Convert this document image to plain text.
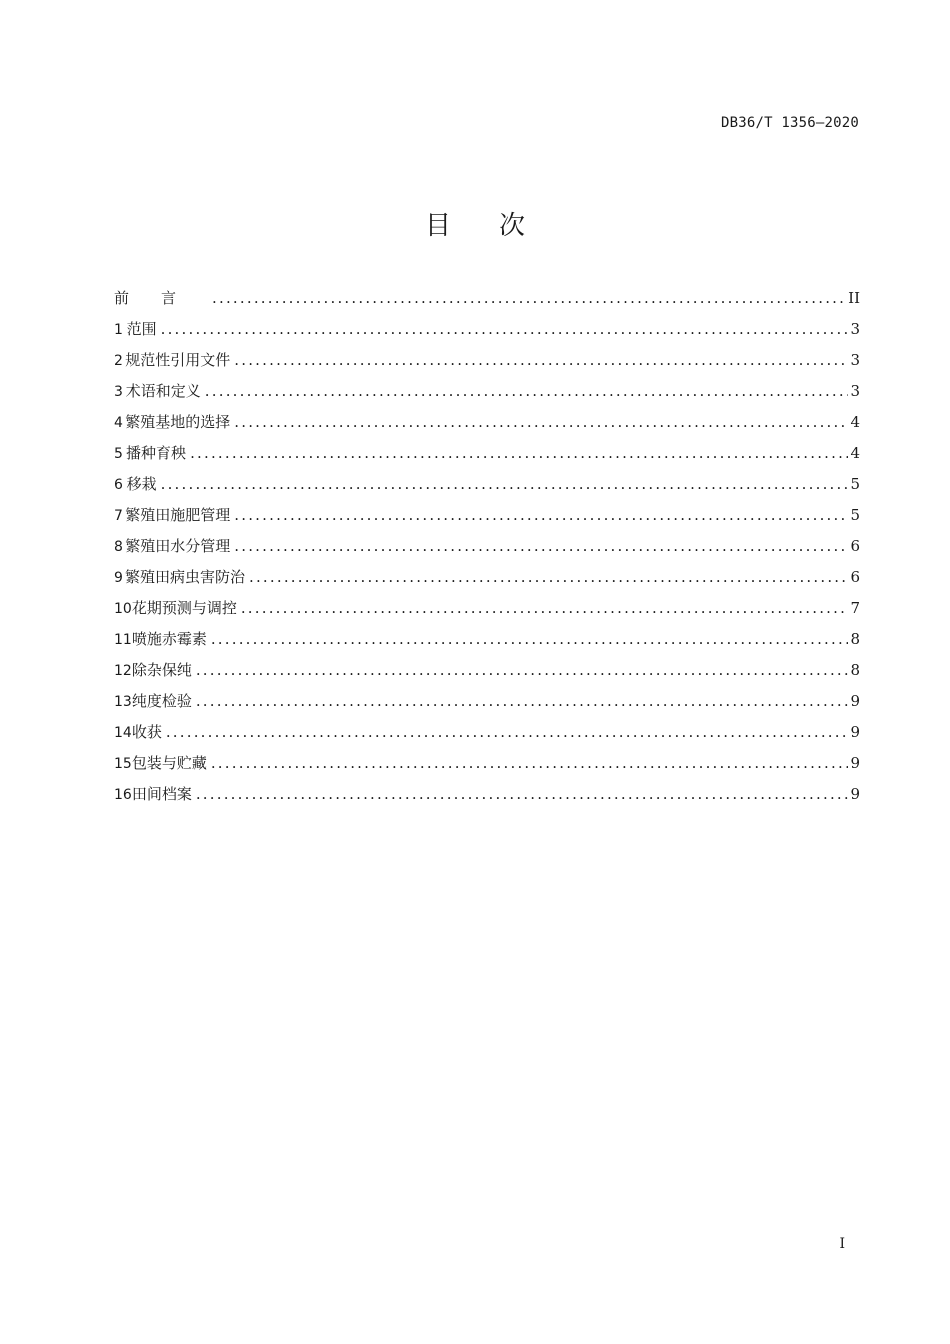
DB36/T 1356—2020
目 次
前言 .....	II
1 范围 .....	3
2 规范性引用文件 .....	3
3 术语和定义 .....	3
4 繁殖基地的选择 .....	4
5 播种育秧 .....	4
6 移栽 .....	5
7 繁殖田施肥管理 .....	5
8 繁殖田水分管理 .....	6
9 繁殖田病虫害防治 .....	6
10 花期预测与调控 .....	7
11 喷施赤霉素 .....	8
12 除杂保纯 .....	8
13 纯度检验 .....	9
14 收获 .....	9
15 包装与贮藏 .....	9
16 田间档案 .....	9
I
